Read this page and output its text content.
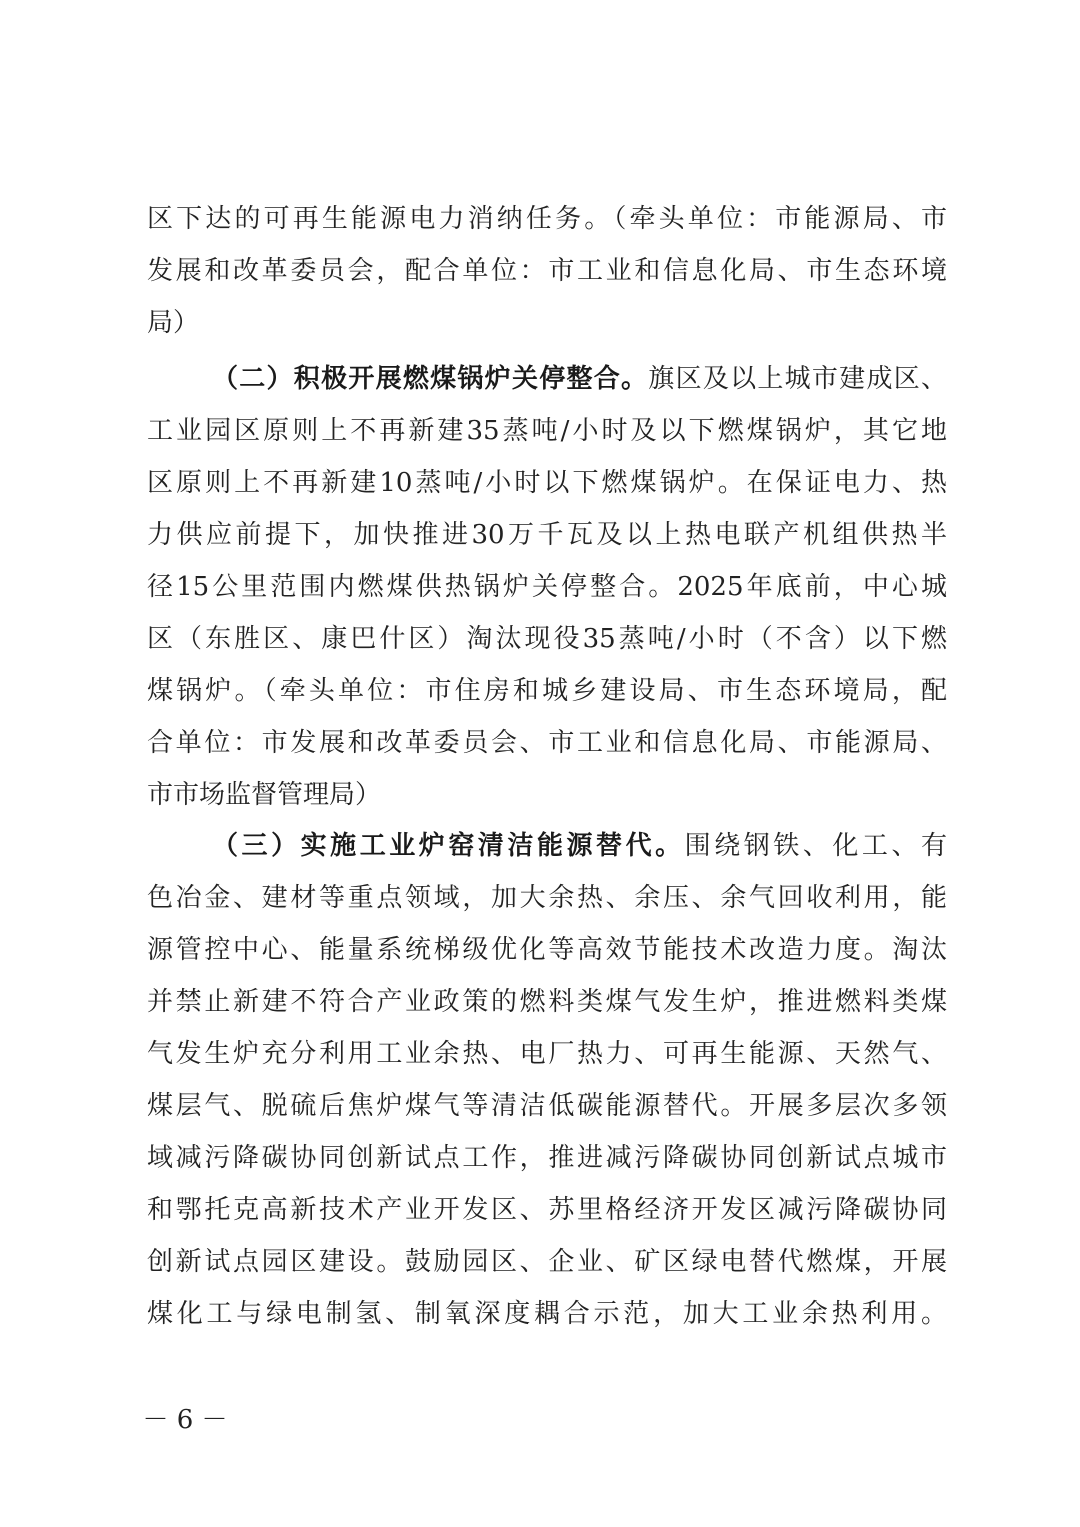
区下达的可再生能源电力消纳任务。（牵头单位：市能源局、市
发展和改革委员会，配合单位：市工业和信息化局、市生态环境
局）
（二）积极开展燃煤锅炉关停整合。旗区及以上城市建成区、
工业园区原则上不再新建35蒸吨/小时及以下燃煤锅炉，其它地
区原则上不再新建10蒸吨/小时以下燃煤锅炉。在保证电力、热
力供应前提下，加快推进30万千瓦及以上热电联产机组供热半
径15公里范围内燃煤供热锅炉关停整合。2025年底前，中心城
区（东胜区、康巴什区）淘汰现役35蒸吨/小时（不含）以下燃
煤锅炉。（牵头单位：市住房和城乡建设局、市生态环境局，配
合单位：市发展和改革委员会、市工业和信息化局、市能源局、
市市场监督管理局）
（三）实施工业炉窑清洁能源替代。围绕钢铁、化工、有
色冶金、建材等重点领域，加大余热、余压、余气回收利用，能
源管控中心、能量系统梯级优化等高效节能技术改造力度。淘汰
并禁止新建不符合产业政策的燃料类煤气发生炉，推进燃料类煤
气发生炉充分利用工业余热、电厂热力、可再生能源、天然气、
煤层气、脱硫后焦炉煤气等清洁低碳能源替代。开展多层次多领
域减污降碳协同创新试点工作，推进减污降碳协同创新试点城市
和鄂托克高新技术产业开发区、苏里格经济开发区减污降碳协同
创新试点园区建设。鼓励园区、企业、矿区绿电替代燃煤，开展
煤化工与绿电制氢、制氧深度耦合示范，加大工业余热利用。
－ 6 －
